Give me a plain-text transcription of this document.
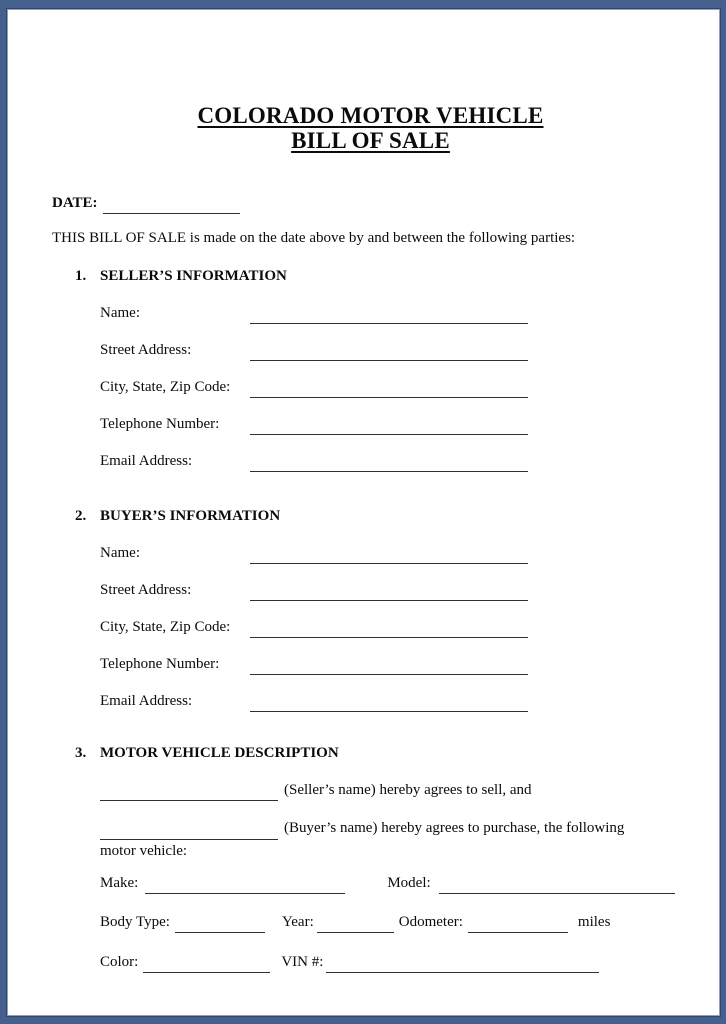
COLORADO MOTOR VEHICLE
BILL OF SALE
DATE:
THIS BILL OF SALE is made on the date above by and between the following parties:
1. SELLER’S INFORMATION
Name:
Street Address:
City, State, Zip Code:
Telephone Number:
Email Address:
2. BUYER’S INFORMATION
Name:
Street Address:
City, State, Zip Code:
Telephone Number:
Email Address:
3. MOTOR VEHICLE DESCRIPTION
(Seller’s name) hereby agrees to sell, and
(Buyer’s name) hereby agrees to purchase, the following
motor vehicle:
Make:	Model:
Body Type:	Year:	Odometer:	miles
Color:	VIN #:
